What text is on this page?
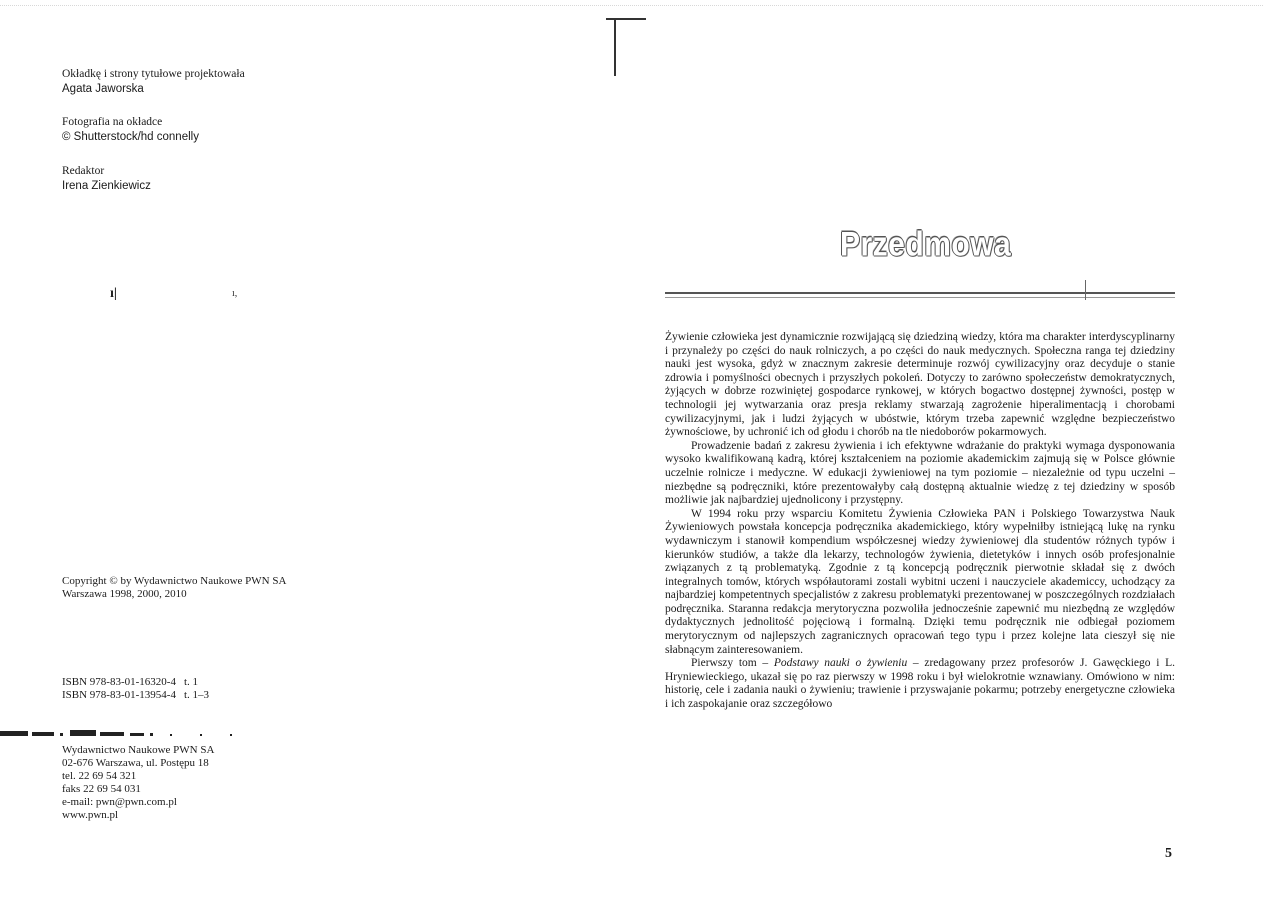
Okładkę i strony tytułowe projektowała
Agata Jaworska
Fotografia na okładce
© Shutterstock/hd connelly
Redaktor
Irena Zienkiewicz
ı|	ı,
Copyright © by Wydawnictwo Naukowe PWN SA
Warszawa 1998, 2000, 2010
ISBN 978-83-01-16320-4 t. 1
ISBN 978-83-01-13954-4 t. 1–3
Wydawnictwo Naukowe PWN SA
02-676 Warszawa, ul. Postępu 18
tel. 22 69 54 321
faks 22 69 54 031
e-mail: pwn@pwn.com.pl
www.pwn.pl
Przedmowa

Żywienie człowieka jest dynamicznie rozwijającą się dziedziną wiedzy, która ma charakter interdyscyplinarny i przynależy po części do nauk rolniczych, a po części do nauk medycznych. Społeczna ranga tej dziedziny nauki jest wysoka, gdyż w znacznym zakresie determinuje rozwój cywilizacyjny oraz decyduje o stanie zdrowia i pomyślności obecnych i przyszłych pokoleń. Dotyczy to zarówno społeczeństw demokratycznych, żyjących w dobrze rozwiniętej gospodarce rynkowej, w których bogactwo dostępnej żywności, postęp w technologii jej wytwarzania oraz presja reklamy stwarzają zagrożenie hiperalimentacją i chorobami cywilizacyjnymi, jak i ludzi żyjących w ubóstwie, którym trzeba zapewnić względne bezpieczeństwo żywnościowe, by uchronić ich od głodu i chorób na tle niedoborów pokarmowych.

Prowadzenie badań z zakresu żywienia i ich efektywne wdrażanie do praktyki wymaga dysponowania wysoko kwalifikowaną kadrą, której kształceniem na poziomie akademickim zajmują się w Polsce głównie uczelnie rolnicze i medyczne. W edukacji żywieniowej na tym poziomie – niezależnie od typu uczelni – niezbędne są podręczniki, które prezentowałyby całą dostępną aktualnie wiedzę z tej dziedziny w sposób możliwie jak najbardziej ujednolicony i przystępny.

W 1994 roku przy wsparciu Komitetu Żywienia Człowieka PAN i Polskiego Towarzystwa Nauk Żywieniowych powstała koncepcja podręcznika akademickiego, który wypełniłby istniejącą lukę na rynku wydawniczym i stanowił kompendium współczesnej wiedzy żywieniowej dla studentów różnych typów i kierunków studiów, a także dla lekarzy, technologów żywienia, dietetyków i innych osób profesjonalnie związanych z tą problematyką. Zgodnie z tą koncepcją podręcznik pierwotnie składał się z dwóch integralnych tomów, których współautorami zostali wybitni uczeni i nauczyciele akademiccy, uchodzący za najbardziej kompetentnych specjalistów z zakresu problematyki prezentowanej w poszczególnych rozdziałach podręcznika. Staranna redakcja merytoryczna pozwoliła jednocześnie zapewnić mu niezbędną ze względów dydaktycznych jednolitość pojęciową i formalną. Dzięki temu podręcznik nie odbiegał poziomem merytorycznym od najlepszych zagranicznych opracowań tego typu i przez kolejne lata cieszył się nie słabnącym zainteresowaniem.

Pierwszy tom – Podstawy nauki o żywieniu – zredagowany przez profesorów J. Gawęckiego i L. Hryniewieckiego, ukazał się po raz pierwszy w 1998 roku i był wielokrotnie wznawiany. Omówiono w nim: historię, cele i zadania nauki o żywieniu; trawienie i przyswajanie pokarmu; potrzeby energetyczne człowieka i ich zaspokajanie oraz szczegółowo

5
